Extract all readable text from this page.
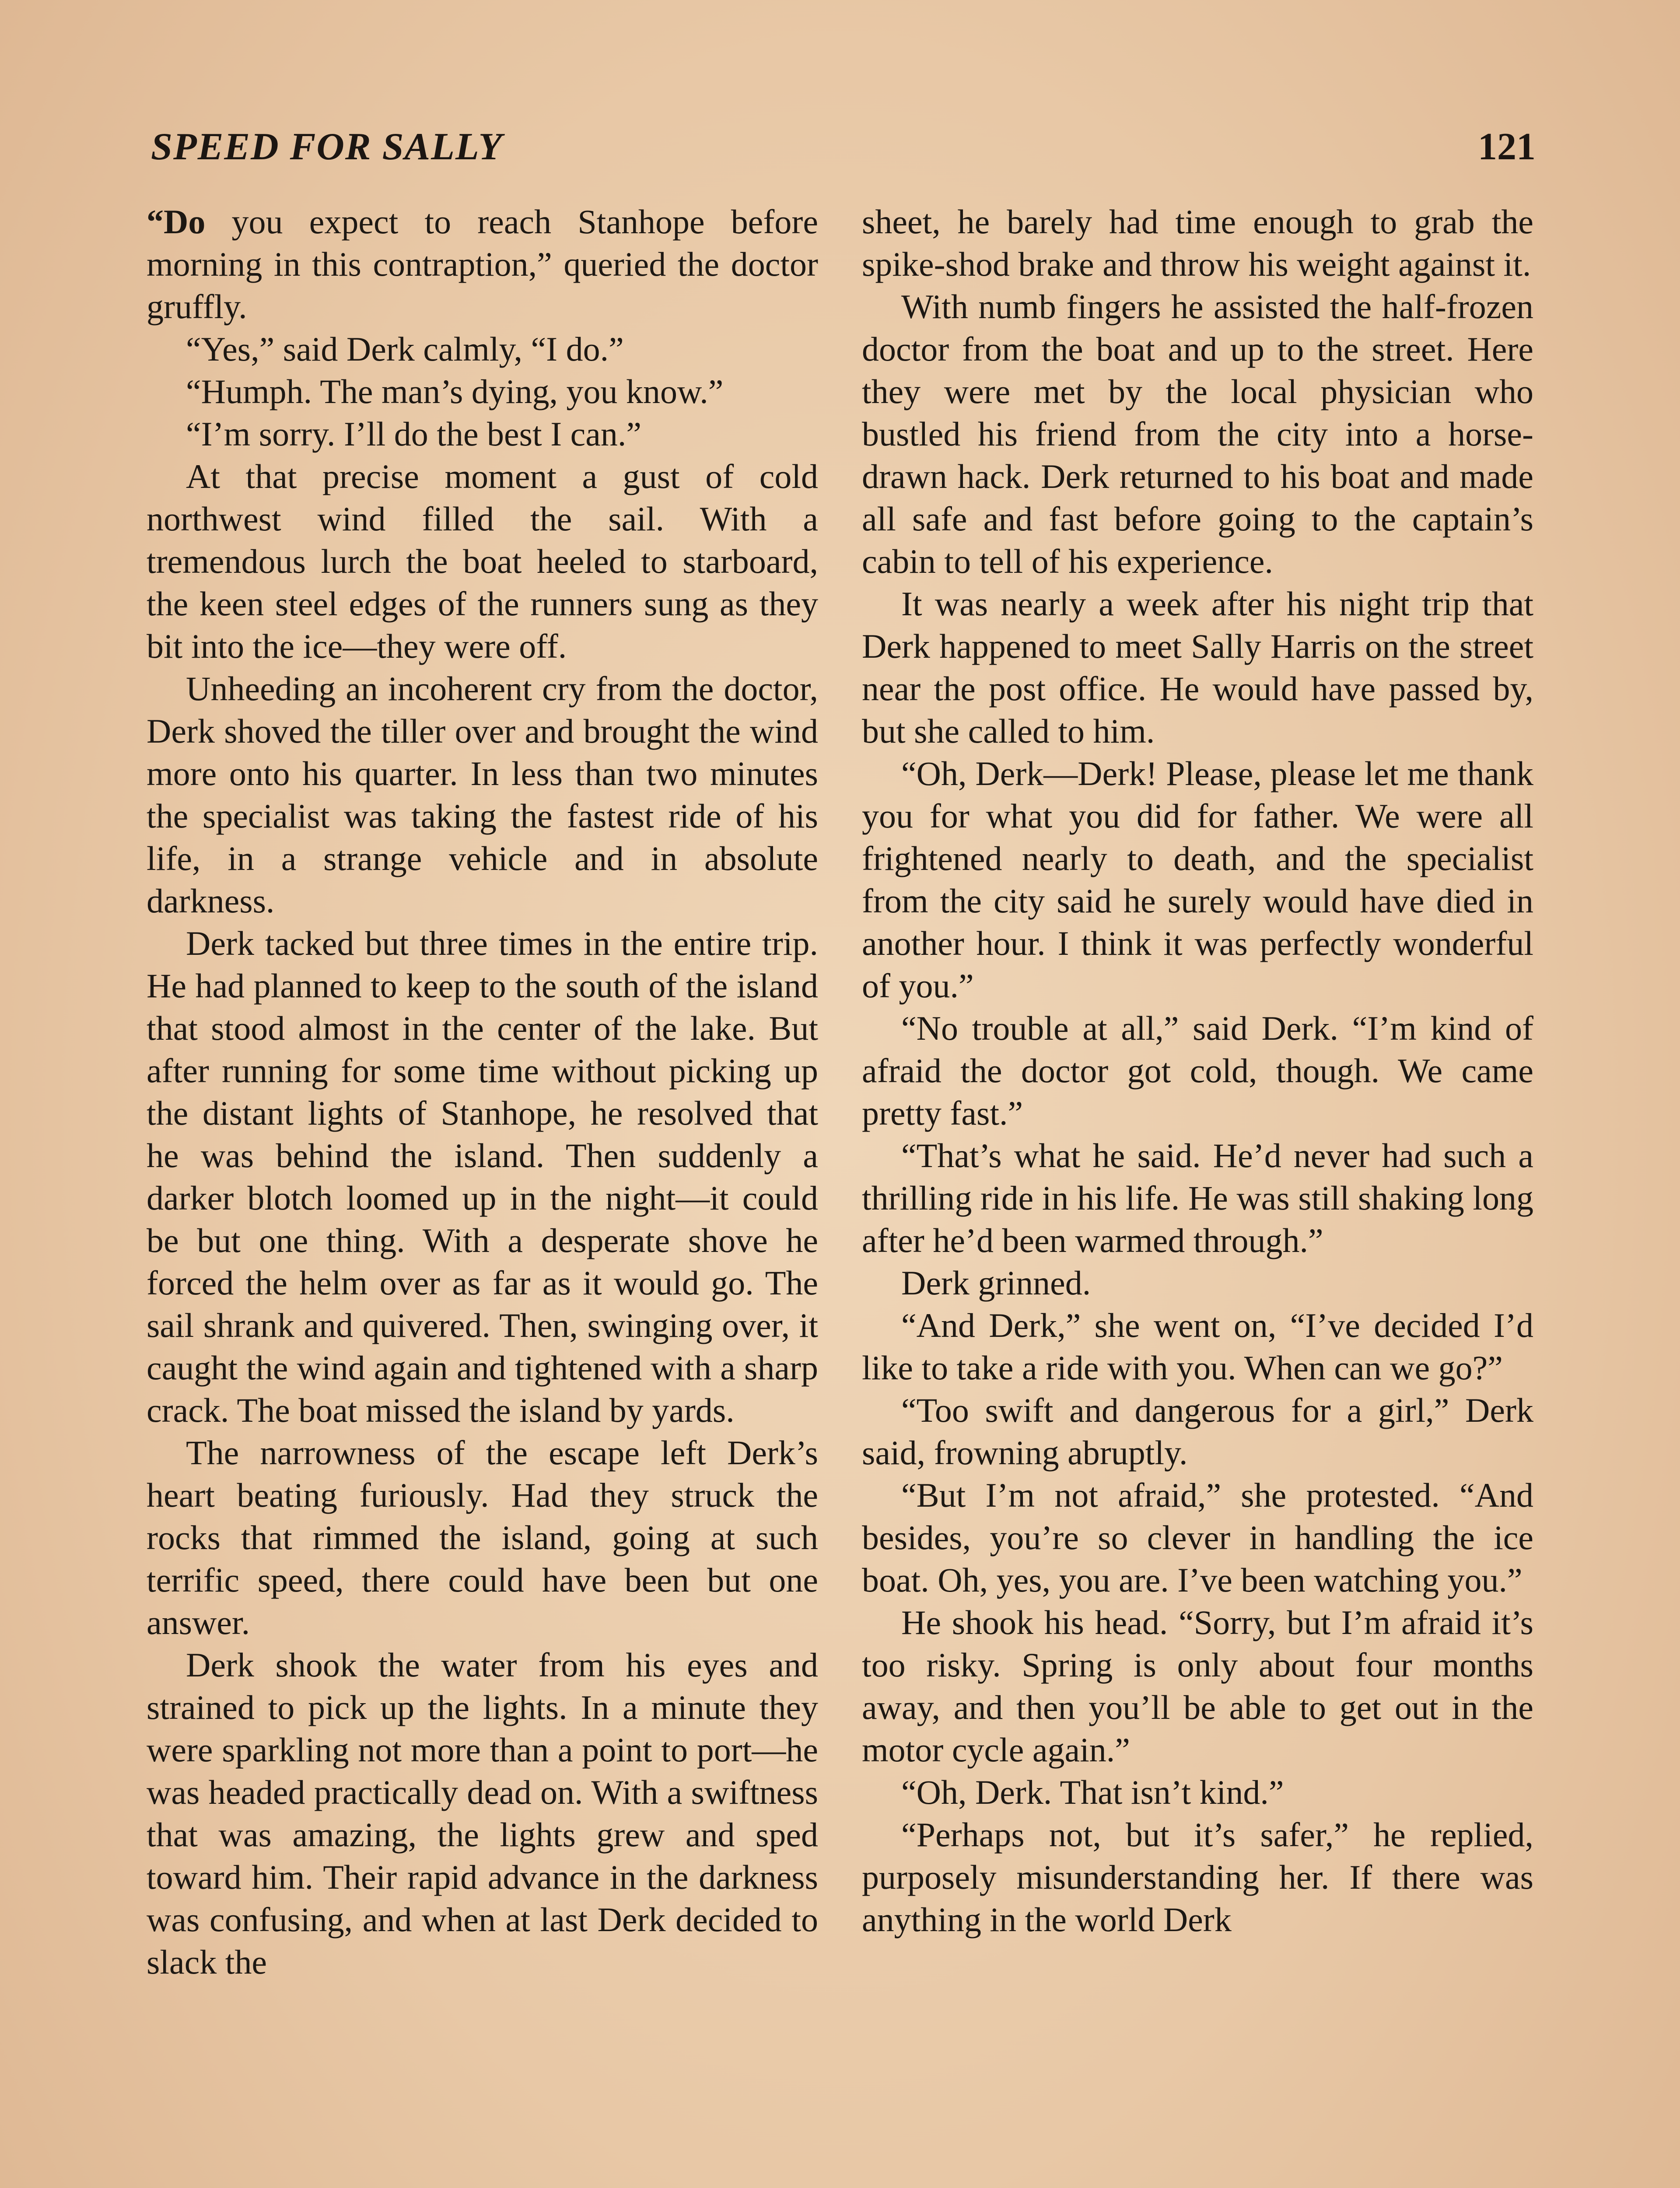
SPEED FOR SALLY	121

“Do you expect to reach Stanhope before morning in this contraption,” queried the doctor gruffly.

“Yes,” said Derk calmly, “I do.”

“Humph. The man’s dying, you know.”

“I’m sorry. I’ll do the best I can.”

At that precise moment a gust of cold northwest wind filled the sail. With a tremendous lurch the boat heeled to starboard, the keen steel edges of the runners sung as they bit into the ice—they were off.

Unheeding an incoherent cry from the doctor, Derk shoved the tiller over and brought the wind more onto his quarter. In less than two minutes the specialist was taking the fastest ride of his life, in a strange vehicle and in absolute darkness.

Derk tacked but three times in the entire trip. He had planned to keep to the south of the island that stood almost in the center of the lake. But after running for some time without picking up the distant lights of Stanhope, he resolved that he was behind the island. Then suddenly a darker blotch loomed up in the night—it could be but one thing. With a desperate shove he forced the helm over as far as it would go. The sail shrank and quivered. Then, swinging over, it caught the wind again and tightened with a sharp crack. The boat missed the island by yards.

The narrowness of the escape left Derk’s heart beating furiously. Had they struck the rocks that rimmed the island, going at such terrific speed, there could have been but one answer.

Derk shook the water from his eyes and strained to pick up the lights. In a minute they were sparkling not more than a point to port—he was headed practically dead on. With a swiftness that was amazing, the lights grew and sped toward him. Their rapid advance in the darkness was confusing, and when at last Derk decided to slack the

sheet, he barely had time enough to grab the spike-shod brake and throw his weight against it.

With numb fingers he assisted the half-frozen doctor from the boat and up to the street. Here they were met by the local physician who bustled his friend from the city into a horse-drawn hack. Derk returned to his boat and made all safe and fast before going to the captain’s cabin to tell of his experience.

It was nearly a week after his night trip that Derk happened to meet Sally Harris on the street near the post office. He would have passed by, but she called to him.

“Oh, Derk—Derk! Please, please let me thank you for what you did for father. We were all frightened nearly to death, and the specialist from the city said he surely would have died in another hour. I think it was perfectly wonderful of you.”

“No trouble at all,” said Derk. “I’m kind of afraid the doctor got cold, though. We came pretty fast.”

“That’s what he said. He’d never had such a thrilling ride in his life. He was still shaking long after he’d been warmed through.”

Derk grinned.

“And Derk,” she went on, “I’ve decided I’d like to take a ride with you. When can we go?”

“Too swift and dangerous for a girl,” Derk said, frowning abruptly.

“But I’m not afraid,” she protested. “And besides, you’re so clever in handling the ice boat. Oh, yes, you are. I’ve been watching you.”

He shook his head. “Sorry, but I’m afraid it’s too risky. Spring is only about four months away, and then you’ll be able to get out in the motor cycle again.”

“Oh, Derk. That isn’t kind.”

“Perhaps not, but it’s safer,” he replied, purposely misunderstanding her. If there was anything in the world Derk
